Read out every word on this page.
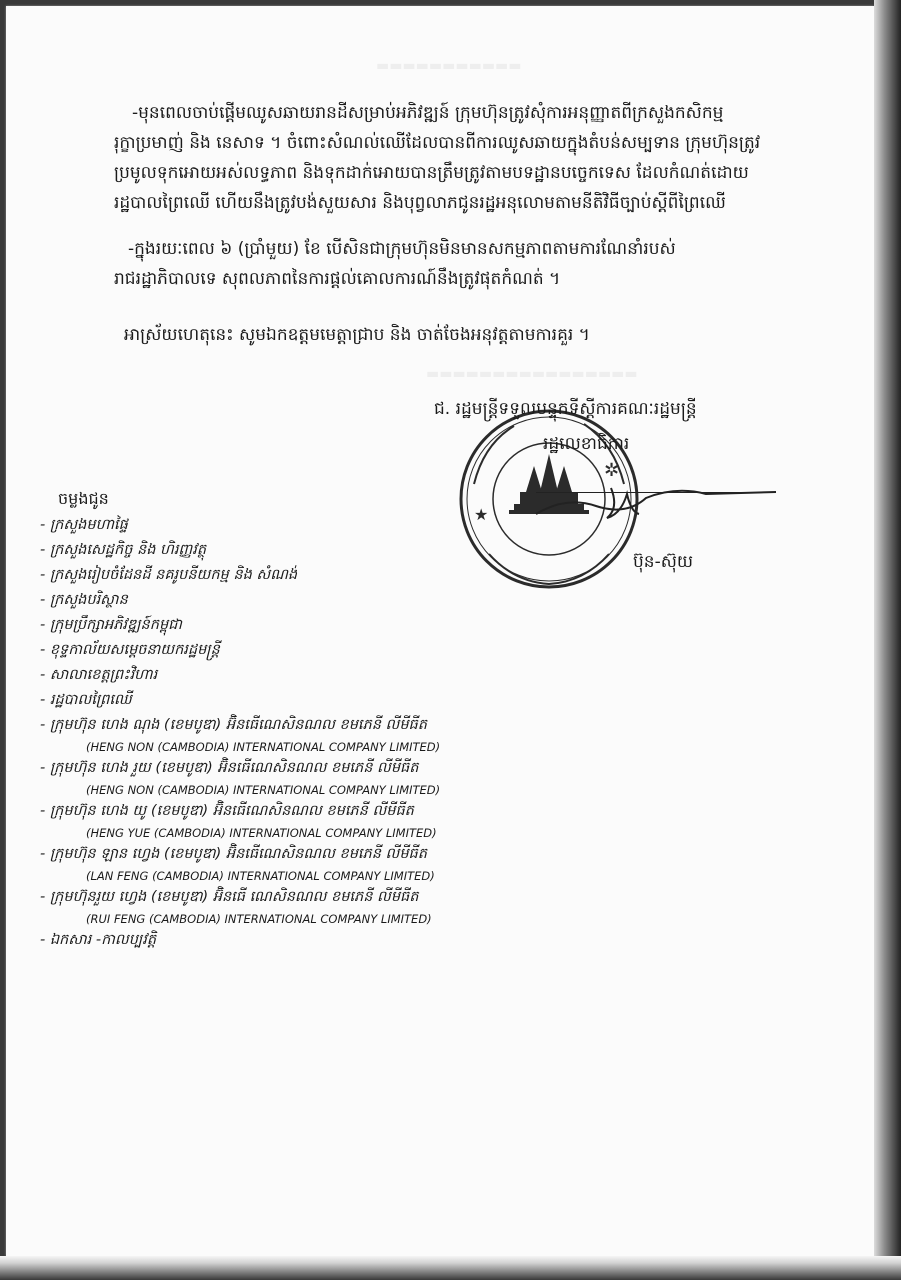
▬▬▬▬▬▬▬▬▬▬▬
▬▬▬▬▬▬▬▬▬▬▬▬▬▬▬▬
-មុនពេលចាប់ផ្តើមឈូសឆាយរានដីសម្រាប់អភិវឌ្ឍន៍ ក្រុមហ៊ុនត្រូវសុំការអនុញ្ញាតពីក្រសួងកសិកម្ម
រុក្ខាប្រមាញ់ និង នេសាទ ។ ចំពោះសំណល់ឈើដែលបានពីការឈូសឆាយក្នុងតំបន់សម្បទាន ក្រុមហ៊ុនត្រូវ
ប្រមូលទុកអោយអស់លទ្ធភាព និងទុកដាក់អោយបានត្រឹមត្រូវតាមបទដ្ឋានបច្ចេកទេស ដែលកំណត់ដោយ
រដ្ឋបាលព្រៃឈើ ហើយនឹងត្រូវបង់សួយសារ និងបុព្វលាភជូនរដ្ឋអនុលោមតាមនីតិវិធីច្បាប់ស្តីពីព្រៃឈើ
-ក្នុងរយៈពេល ៦ (ប្រាំមួយ) ខែ បើសិនជាក្រុមហ៊ុនមិនមានសកម្មភាពតាមការណែនាំរបស់
រាជរដ្ឋាភិបាលទេ សុពលភាពនៃការផ្តល់គោលការណ៍នឹងត្រូវផុតកំណត់ ។
អាស្រ័យហេតុនេះ សូមឯកឧត្តមមេត្តាជ្រាប និង ចាត់ចែងអនុវត្តតាមការគួរ ។
✲
★
ជ. រដ្ឋមន្ត្រីទទួលបន្ទុកទីស្តីការគណៈរដ្ឋមន្ត្រី
រដ្ឋលេខាធិការ
ប៊ុន-ស៊ុយ
ចម្លងជូន
- ក្រសួងមហាផ្ទៃ
- ក្រសួងសេដ្ឋកិច្ច និង ហិរញ្ញវត្ថុ
- ក្រសួងរៀបចំដែនដី នគរូបនីយកម្ម និង សំណង់
- ក្រសួងបរិស្ថាន
- ក្រុមប្រឹក្សាអភិវឌ្ឍន៍កម្ពុជា
- ខុទ្ទកាល័យសម្តេចនាយករដ្ឋមន្ត្រី
- សាលាខេត្តព្រះវិហារ
- រដ្ឋបាលព្រៃឈើ
- ក្រុមហ៊ុន ហេង ណុង (ខេមបូឌា) អ៊ិនធើណេសិនណល ខមភេនី លីមីធីត
(HENG NON (CAMBODIA) INTERNATIONAL COMPANY LIMITED)
- ក្រុមហ៊ុន ហេង រួយ (ខេមបូឌា) អ៊ិនធើណេសិនណល ខមភេនី លីមីធីត
(HENG NON (CAMBODIA) INTERNATIONAL COMPANY LIMITED)
- ក្រុមហ៊ុន ហេង យូ (ខេមបូឌា) អ៊ិនធើណេសិនណល ខមភេនី លីមីធីត
(HENG YUE (CAMBODIA) INTERNATIONAL COMPANY LIMITED)
- ក្រុមហ៊ុន ឡាន ហ្វេង (ខេមបូឌា) អ៊ិនធើណេសិនណល ខមភេនី លីមីធីត
(LAN FENG (CAMBODIA) INTERNATIONAL COMPANY LIMITED)
- ក្រុមហ៊ុនរួយ ហ្វេង (ខេមបូឌា) អ៊ិនធើ ណេសិនណល ខមភេនី លីមីធីត
(RUI FENG (CAMBODIA) INTERNATIONAL COMPANY LIMITED)
- ឯកសារ -កាលប្បវត្តិ
